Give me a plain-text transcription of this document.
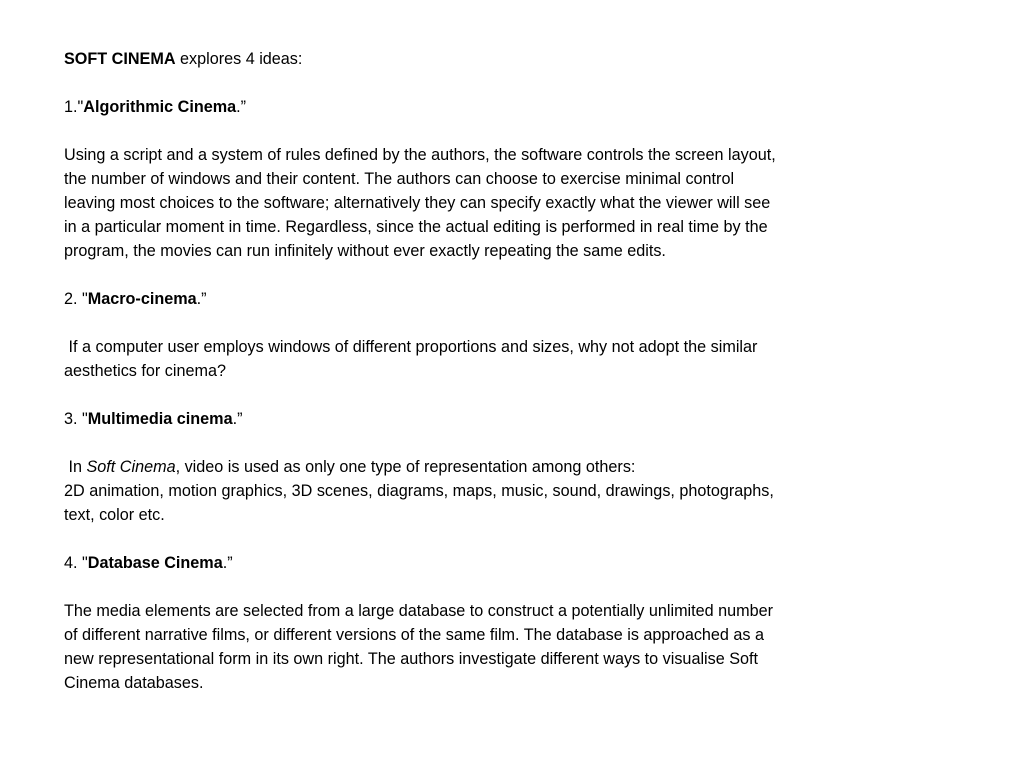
SOFT CINEMA explores 4 ideas:
1."Algorithmic Cinema.”
Using a script and a system of rules defined by the authors, the software controls the screen layout,
the number of windows and their content. The authors can choose to exercise minimal control
leaving most choices to the software; alternatively they can specify exactly what the viewer will see
in a particular moment in time. Regardless, since the actual editing is performed in real time by the
program, the movies can run infinitely without ever exactly repeating the same edits.
2. "Macro-cinema.”
If a computer user employs windows of different proportions and sizes, why not adopt the similar
aesthetics for cinema?
3. "Multimedia cinema.”
In Soft Cinema, video is used as only one type of representation among others:
2D animation, motion graphics, 3D scenes, diagrams, maps, music, sound, drawings, photographs,
text, color etc.
4. "Database Cinema.”
The media elements are selected from a large database to construct a potentially unlimited number
of different narrative films, or different versions of the same film. The database is approached as a
new representational form in its own right. The authors investigate different ways to visualise Soft
Cinema databases.
